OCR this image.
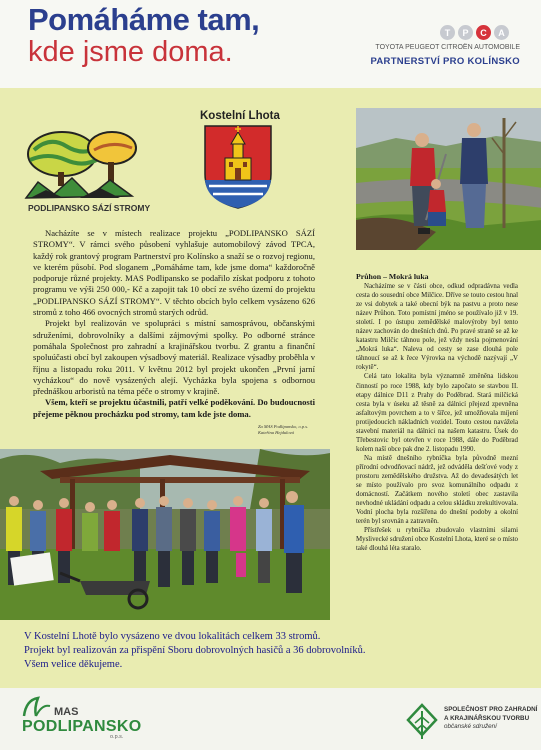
Pomáháme tam,
kde jsme doma.
T	P	C	A
TOYOTA PEUGEOT CITROËN AUTOMOBILE
PARTNERSTVÍ PRO KOLÍNSKO
PODLIPANSKO SÁZÍ STROMY
Kostelní Lhota

Nacházíte se v místech realizace projektu „PODLIPANSKO SÁZÍ STROMY“. V rámci svého působení vyhlašuje automobilový závod TPCA, každý rok grantový program Partnerství pro Kolínsko a snaží se o rozvoj regionu, ve kterém působí. Pod sloganem „Pomáháme tam, kde jsme doma“ každoročně podporuje různé projekty. MAS Podlipansko se podařilo získat podporu z tohoto programu ve výši 250 000,- Kč a zapojit tak 10 obcí ze svého území do projektu „PODLIPANSKO SÁZÍ STROMY“. V těchto obcích bylo celkem vysázeno 626 stromů z toho 466 ovocných stromů starých odrůd.

Projekt byl realizován ve spolupráci s místní samosprávou, občanskými sdruženími, dobrovolníky a dalšími zájmovými spolky. Po odborné stránce pomáhala Společnost pro zahradní a krajinářskou tvorbu. Z grantu a finanční spoluúčasti obcí byl zakoupen výsadbový materiál. Realizace výsadby proběhla v říjnu a listopadu roku 2011. V květnu 2012 byl projekt ukončen „První jarní vycházkou“ do nově vysázených alejí. Vycházka byla spojena s odbornou přednáškou arboristů na téma péče o stromy v krajině.

Všem, kteří se projektu účastnili, patří velké poděkování. Do budoucnosti přejeme pěknou procházku pod stromy, tam kde jste doma.

Za MAS Podlipansko, o.p.s.
Kateřina Hejdulová
Průhon – Mokrá luka

Nacházíme se v části obce, odkud odpradávna vedla cesta do sousední obce Milčice. Dříve se touto cestou hnal ze vsi dobytek a také obecní býk na pastvu a proto nese název Průhon. Toto pomístní jméno se používalo již v 19. století. I po ústupu zemědělské malovýroby byl tento název zachován do dnešních dnů. Po pravé straně se až ke katastru Milčic táhnou pole, jež vždy nesla pojmenování „Mokrá luka“. Naleva od cesty se zase dlouhá pole táhnoucí se až k řece Výrovka na východě nazývají „V rokytě“.

Celá tato lokalita byla významně změněna lidskou činností po roce 1988, kdy bylo započato se stavbou II. etapy dálnice D11 z Prahy do Poděbrad. Stará milčická cesta byla v úseku až těsně za dálnicí přejezd zpevněna asfaltovým povrchem a to v šířce, jež umožňovala míjení protijedoucích nákladních vozidel. Touto cestou navážela stavební materiál na dálnici na našem katastru. Úsek do Třebestovic byl otevřen v roce 1988, dále do Poděbrad kolem naší obce pak dne 2. listopadu 1990.

Na místě dnešního rybníčka byla původně mezní přírodní odvodňovací nádrž, jež odváděla dešťové vody z prostoru zemědělského družstva. Až do devadesátých let se místo používalo pro svoz komunálního odpadu z domácností. Začátkem nového století obec zastavila nevhodné ukládání odpadu a celou skládku zrekultivovala. Vodní plocha byla rozšířena do dnešní podoby a okolní terén byl srovnán a zatravněn.

Přístřešek u rybníčka zbudovalo vlastními silami Myslivecké sdružení obce Kostelní Lhota, které se o místo také dlouhá léta staralo.

V Kostelní Lhotě bylo vysázeno ve dvou lokalitách celkem 33 stromů.
Projekt byl realizován za přispění Sboru dobrovolných hasičů a 36 dobrovolníků.
Všem velice děkujeme.
MAS
PODLIPANSKO
o.p.s.
SPOLEČNOST PRO ZAHRADNÍ
A KRAJINÁŘSKOU TVORBU
občanské sdružení
